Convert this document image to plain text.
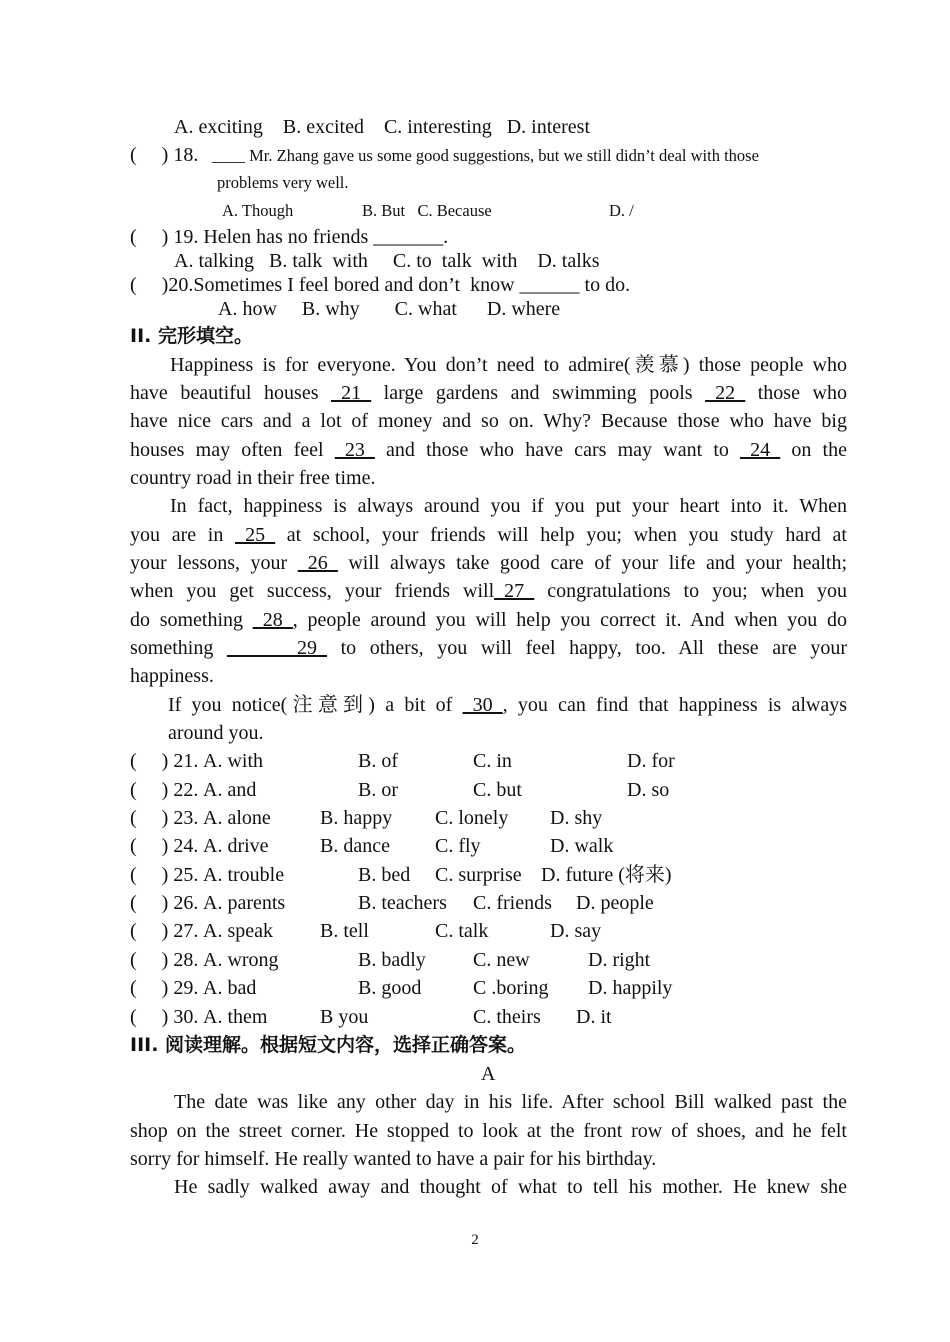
A. exciting    B. excited    C. interesting   D. interest
(     ) 18. ____ Mr. Zhang gave us some good suggestions, but we still didn’t deal with those
problems very well.
A. Though	B. But   C. Because	D. /
(     ) 19. Helen has no friends _______.
A. talking   B. talk  with     C. to  talk  with    D. talks
(     )20.Sometimes I feel bored and don’t  know ______ to do.
A. how     B. why       C. what      D. where
II. 完形填空。
Happiness is for everyone. You don’t need to admire(羡慕) those people who
have beautiful houses _21_ large gardens and swimming pools _22_ those who
have nice cars and a lot of money and so on. Why? Because those who have big
houses may often feel _23_ and those who have cars may want to _24_ on the
country road in their free time.
In fact, happiness is always around you if you put your heart into it. When
you are in _25_ at school, your friends will help you; when you study hard at
your lessons, your _26_ will always take good care of your life and your health;
when you get success, your friends will_27_ congratulations to you; when you
do something _28_, people around you will help you correct it. And when you do
something _______29_ to others, you will feel happy, too. All these are your
happiness.
If you notice(注意到) a bit of _30_, you can find that happiness is always
around you.
(     ) 21. A. with	B. of	C. in	D. for
(     ) 22. A. and	B. or	C. but	D. so
(     ) 23. A. alone B. happy C. lonely D. shy
(     ) 24. A. drive	B. dance C. fly	D. walk
(     ) 25. A. trouble	B. bed C. surprise D. future (将来)
(     ) 26. A. parents	B. teachers C. friends D. people
(     ) 27. A. speak B. tell	C. talk	D. say
(     ) 28. A. wrong	B. badly C. new	D. right
(     ) 29. A. bad	B. good	C .boring D. happily
(     ) 30. A. them	B you	C. theirs D. it
III. 阅读理解。根据短文内容，选择正确答案。
A
The date was like any other day in his life. After school Bill walked past the
shop on the street corner. He stopped to look at the front row of shoes, and he felt
sorry for himself. He really wanted to have a pair for his birthday.
He sadly walked away and thought of what to tell his mother. He knew she
2
